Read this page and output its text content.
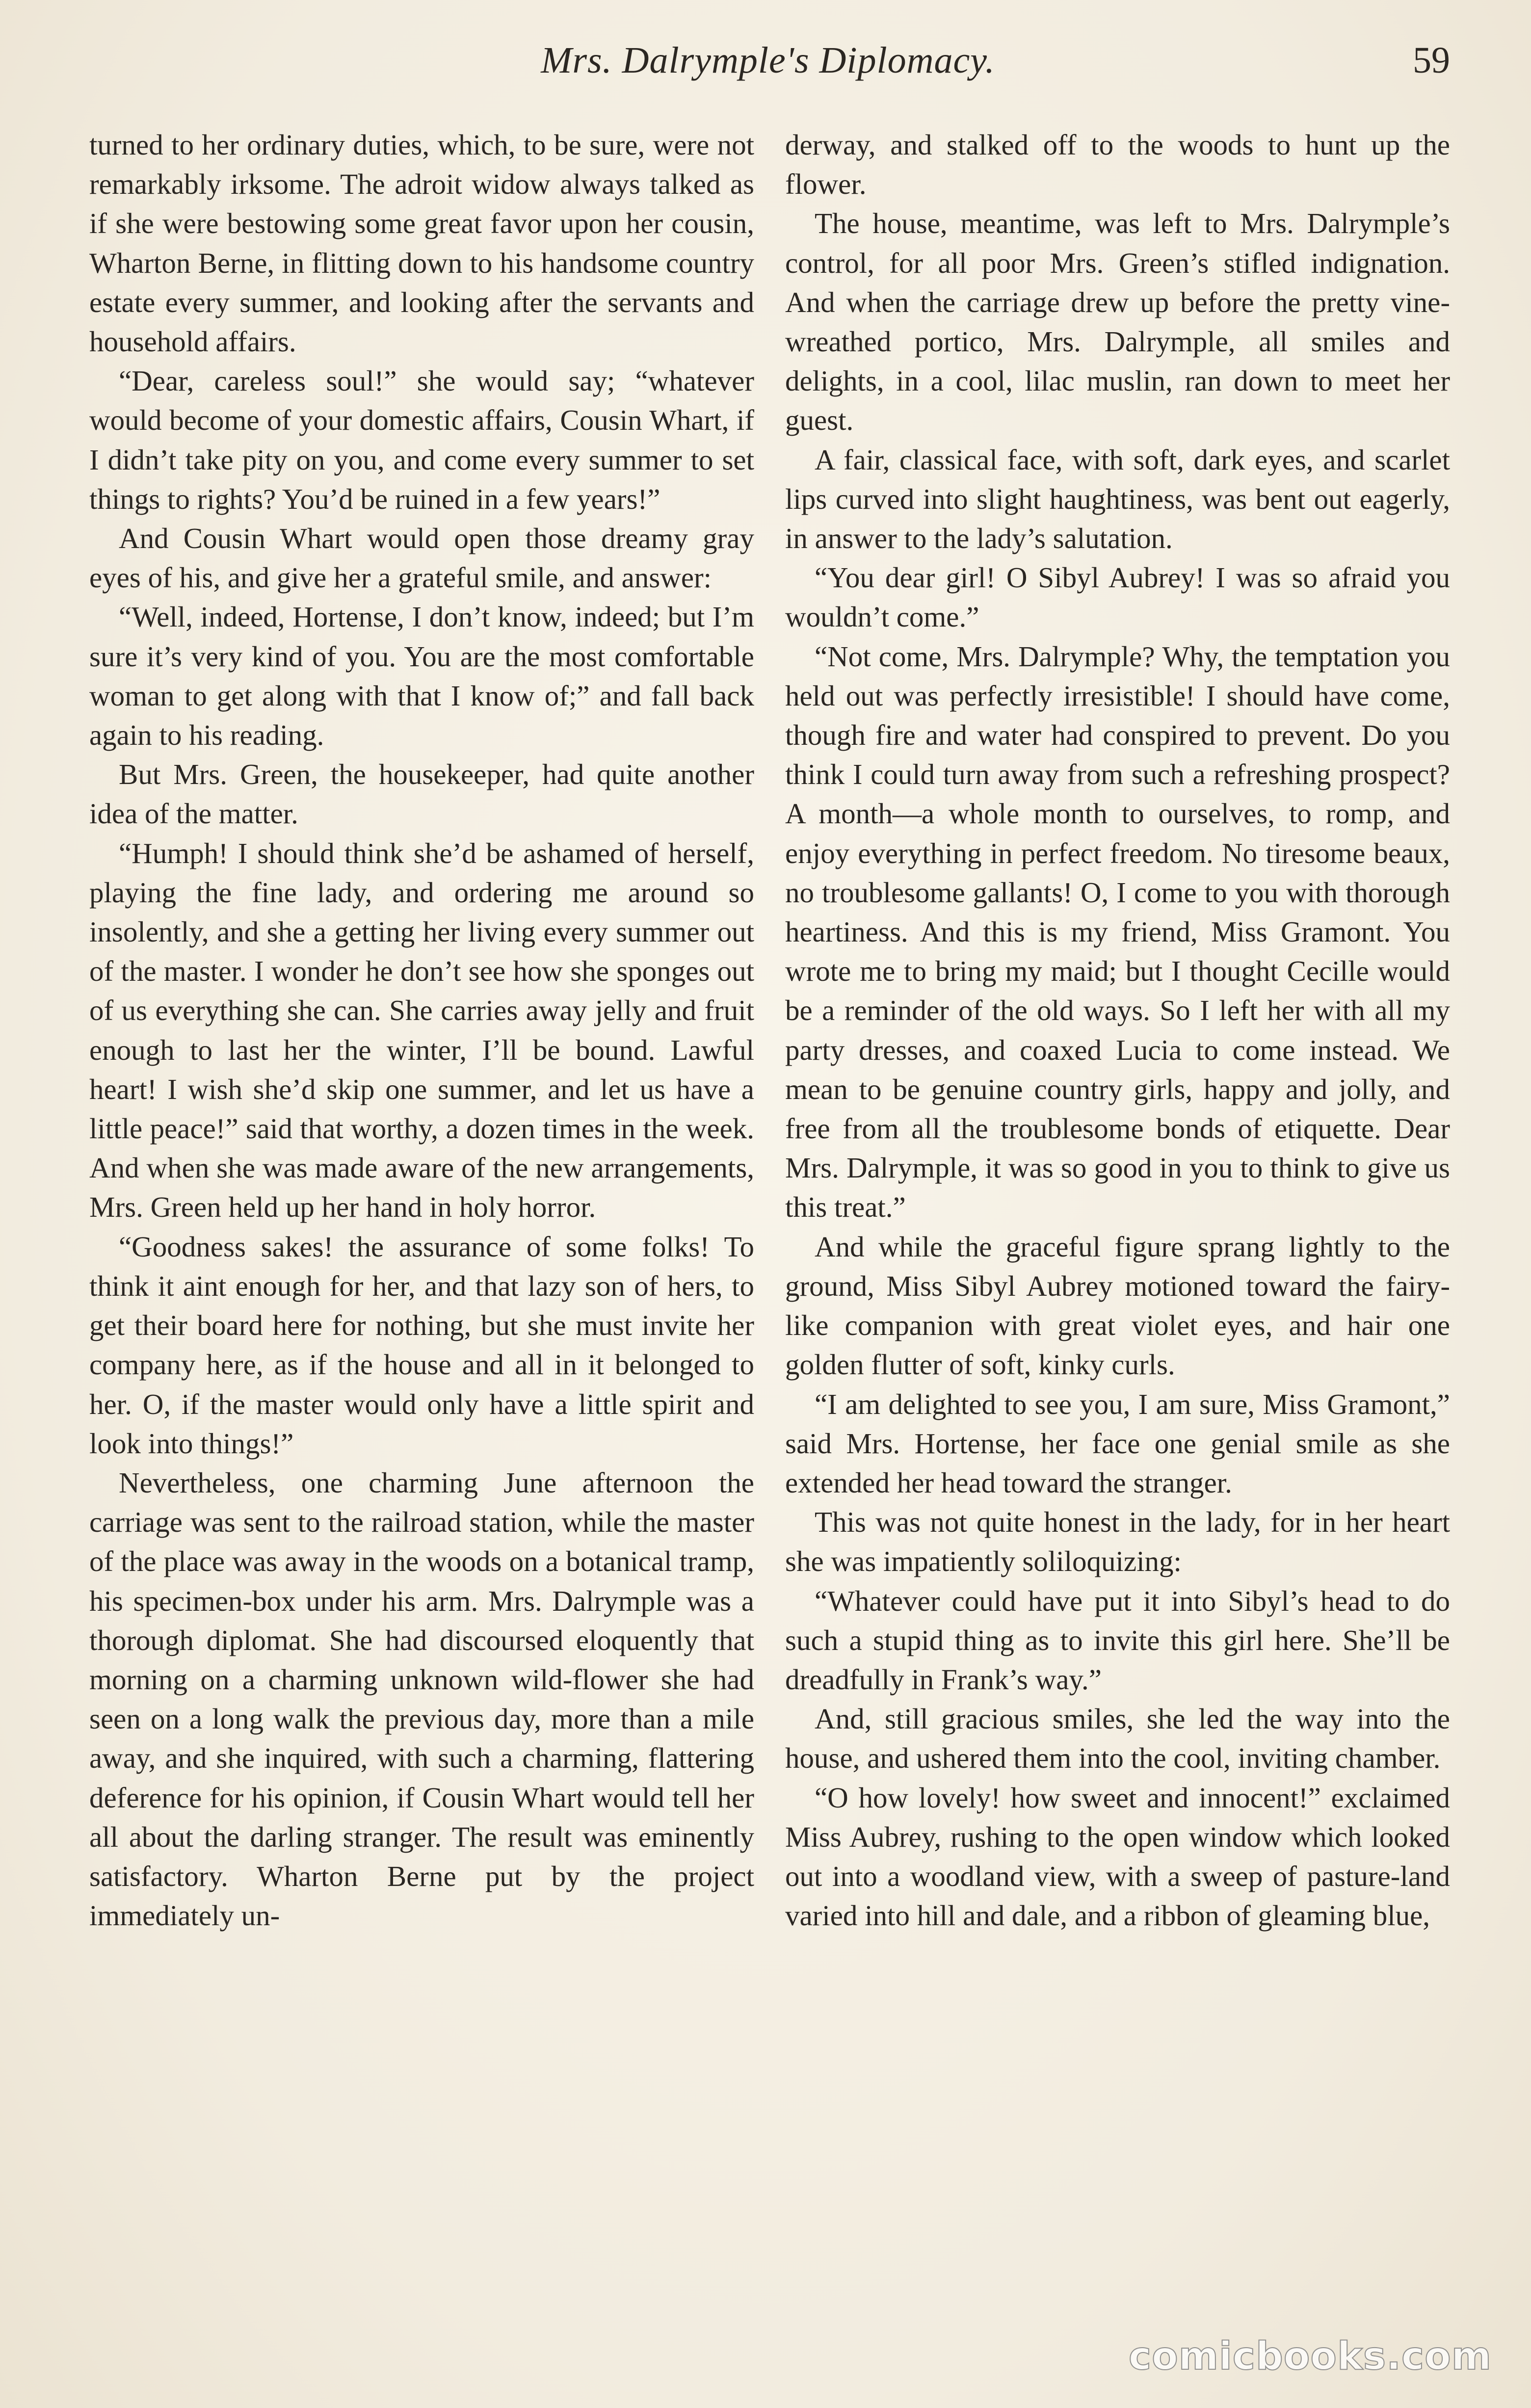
Mrs. Dalrymple's Diplomacy.	59

turned to her ordinary duties, which, to be sure, were not remarkably irksome. The adroit widow always talked as if she were bestowing some great favor upon her cousin, Wharton Berne, in flitting down to his handsome country estate every summer, and looking after the servants and household affairs.

“Dear, careless soul!” she would say; “whatever would become of your domestic affairs, Cousin Whart, if I didn’t take pity on you, and come every summer to set things to rights? You’d be ruined in a few years!”

And Cousin Whart would open those dreamy gray eyes of his, and give her a grateful smile, and answer:

“Well, indeed, Hortense, I don’t know, indeed; but I’m sure it’s very kind of you. You are the most comfortable woman to get along with that I know of;” and fall back again to his reading.

But Mrs. Green, the housekeeper, had quite another idea of the matter.

“Humph! I should think she’d be ashamed of herself, playing the fine lady, and ordering me around so insolently, and she a getting her living every summer out of the master. I wonder he don’t see how she sponges out of us everything she can. She carries away jelly and fruit enough to last her the winter, I’ll be bound. Lawful heart! I wish she’d skip one summer, and let us have a little peace!” said that worthy, a dozen times in the week. And when she was made aware of the new arrangements, Mrs. Green held up her hand in holy horror.

“Goodness sakes! the assurance of some folks! To think it aint enough for her, and that lazy son of hers, to get their board here for nothing, but she must invite her company here, as if the house and all in it belonged to her. O, if the master would only have a little spirit and look into things!”

Nevertheless, one charming June afternoon the carriage was sent to the railroad station, while the master of the place was away in the woods on a botanical tramp, his specimen-box under his arm. Mrs. Dalrymple was a thorough diplomat. She had discoursed eloquently that morning on a charming unknown wild-flower she had seen on a long walk the previous day, more than a mile away, and she inquired, with such a charming, flattering deference for his opinion, if Cousin Whart would tell her all about the darling stranger. The result was eminently satisfactory. Wharton Berne put by the project immediately un-

derway, and stalked off to the woods to hunt up the flower.

The house, meantime, was left to Mrs. Dalrymple’s control, for all poor Mrs. Green’s stifled indignation. And when the carriage drew up before the pretty vine-wreathed portico, Mrs. Dalrymple, all smiles and delights, in a cool, lilac muslin, ran down to meet her guest.

A fair, classical face, with soft, dark eyes, and scarlet lips curved into slight haughtiness, was bent out eagerly, in answer to the lady’s salutation.

“You dear girl! O Sibyl Aubrey! I was so afraid you wouldn’t come.”

“Not come, Mrs. Dalrymple? Why, the temptation you held out was perfectly irresistible! I should have come, though fire and water had conspired to prevent. Do you think I could turn away from such a refreshing prospect? A month—a whole month to ourselves, to romp, and enjoy everything in perfect freedom. No tiresome beaux, no troublesome gallants! O, I come to you with thorough heartiness. And this is my friend, Miss Gramont. You wrote me to bring my maid; but I thought Cecille would be a reminder of the old ways. So I left her with all my party dresses, and coaxed Lucia to come instead. We mean to be genuine country girls, happy and jolly, and free from all the troublesome bonds of etiquette. Dear Mrs. Dalrymple, it was so good in you to think to give us this treat.”

And while the graceful figure sprang lightly to the ground, Miss Sibyl Aubrey motioned toward the fairy-like companion with great violet eyes, and hair one golden flutter of soft, kinky curls.

“I am delighted to see you, I am sure, Miss Gramont,” said Mrs. Hortense, her face one genial smile as she extended her head toward the stranger.

This was not quite honest in the lady, for in her heart she was impatiently soliloquizing:

“Whatever could have put it into Sibyl’s head to do such a stupid thing as to invite this girl here. She’ll be dreadfully in Frank’s way.”

And, still gracious smiles, she led the way into the house, and ushered them into the cool, inviting chamber.

“O how lovely! how sweet and innocent!” exclaimed Miss Aubrey, rushing to the open window which looked out into a woodland view, with a sweep of pasture-land varied into hill and dale, and a ribbon of gleaming blue,

comicbooks.com
